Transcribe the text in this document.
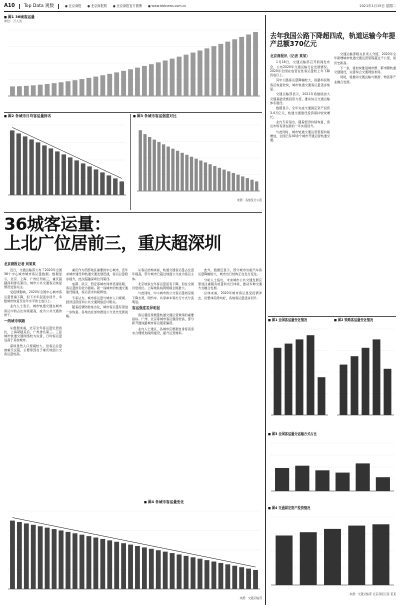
A10	Top Data 观数	● 北京商报	● 北京商报网	● 北京商报官方微博	● www.bbtnews.com.cn	2021年1月19日 星期二
■ 图1 36城客运量
单位：万人次
■ 图2 各城市日均客运量排名	■ 图3 各城市客运强度对比
来源：各地统计公报
36城客运量：
上北广位居前三，重庆超深圳
北京商报记者 刘某某

近日，交通运输部公布了2020年全国36个中心城市城市客运量数据。数据显示，北京、上海、广州位列前三，重庆超越深圳排名第四，城市公共交通客运恢复情况受到关注。

受疫情影响，2020年全国中心城市客运量普遍下降，但下半年起逐步回升，多数城市恢复至往年水平的七成以上。

业内人士表示，城市轨道交通在城市客运中的占比持续提高，成为公共交通的骨干。

一线城市领跑

从数据来看，北京全年客运量位居首位，上海紧随其后，广州排名第三。三座城市轨道交通网络较为完善，日均客运量远高于其他城市。

深圳虽然人口规模较大，但客运总量被重庆反超，主要原因在于重庆地面公交客运量较高。

重庆作为西部地区重要的中心城市，近年来城市建设和轨道交通发展迅速，客运总量稳步提升，此次超越深圳位列第四。

成都、武汉、西安等城市同样表现亮眼，客运量排名较为靠前。新一线城市的轨道交通建设提速，客运需求持续释放。

专家认为，城市客运量与城市人口规模、经济活跃度和公共交通网络密切相关。

随着疫情防控常态化，城市客运量有望进一步恢复。各地也在加快推进公交优先发展战略。

从客运结构来看，轨道交通客运量占比逐年提高，部分城市已超过地面公交成为客运主体。

北京地铁全年客运量虽有下降，但在全国仍居首位。上海地铁线网规模全国最大。

与此同时，中小城市的公交客运量则呈现下降态势，网约车、共享单车等出行方式分流明显。

客运强度差异明显

客运强度是衡量轨道交通运营效率的重要指标。广州、北京等城市客运强度较高，部分新开通线路城市客运强度偏低。

业内人士建议，各城市应根据自身客流需求合理规划线网建设，提升运营效率。

此外，数据还显示，部分城市出租汽车客运量降幅较大，城市出行结构正在发生变化。

分析人士指出，未来城市公共交通发展应更加注重服务质量和出行体验，推动多种交通方式融合发展。

总体来看，2020年城市客运虽受疫情冲击，但整体趋势向好，各地客运量逐步回升。

■ 图4 各城市客运量变化
来源：交通运输部
去年我国公路下降超四成，轨道运输今年提产总额370亿元
北京商报讯（记者 某某）

1月18日，交通运输部召开新闻发布会，公布2020年交通运输行业发展情况。2020年全国完成营业性客运量较上年下降四成以上。

其中公路客运量降幅较大，铁路和民航客运恢复较快，城市轨道交通客运量逐步恢复。

交通运输部表示，2021年将继续加大交通基础设施投资力度，推动综合交通运输体系建设。

数据显示，全年完成交通固定资产投资3.4万亿元，轨道交通建设投资保持较快增长。

业内专家指出，随着经济持续恢复，客运市场有望在新的一年实现回升。

与此同时，城市轨道交通运营里程持续增加，全国已有40余个城市开通运营轨道交通。

交通运输部相关负责人介绍，2020年全年新增城市轨道交通运营里程超过千公里，创历史新高。

下一步，将加快推进城市群、都市圈轨道交通建设，完善综合交通网络布局。

同时，将推动交通运输与旅游、物流等产业融合发展。

■ 图1 全国客运量变化情况	■ 图2 铁路客运量变化情况
■ 图3 全国客运量分运输方式占比
■ 图4 交通固定资产投资情况
来源：交通运输部 北京商报记者 某某
